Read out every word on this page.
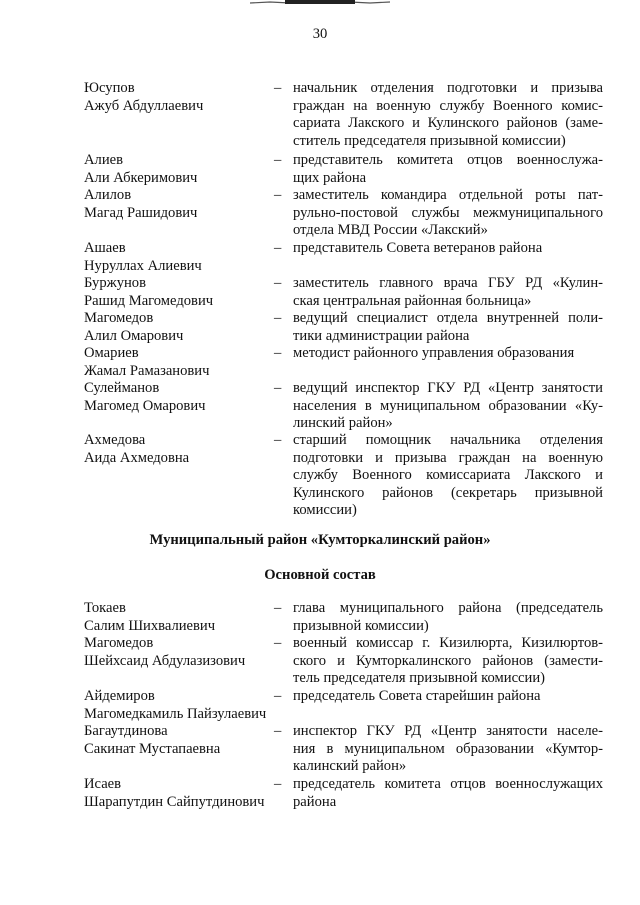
30
Юсупов
Ажуб Абдуллаевич
– начальник отделения подготовки и призыва
граждан на военную службу Военного комис-
сариата Лакского и Кулинского районов (заме-
ститель председателя призывной комиссии)
Алиев
Али Абкеримович
– представитель комитета отцов военнослужа-
щих района
Алилов
Магад Рашидович
– заместитель командира отдельной роты пат-
рульно-постовой службы межмуниципального
отдела МВД России «Лакский»
Ашаев
Нуруллах Алиевич
– представитель Совета ветеранов района
Буржунов
Рашид Магомедович
– заместитель главного врача ГБУ РД «Кулин-
ская центральная районная больница»
Магомедов
Алил Омарович
– ведущий специалист отдела внутренней поли-
тики администрации района
Омариев
Жамал Рамазанович
– методист районного управления образования
Сулейманов
Магомед Омарович
– ведущий инспектор ГКУ РД «Центр занятости
населения в муниципальном образовании «Ку-
линский район»
Ахмедова
Аида Ахмедовна
– старший помощник начальника отделения
подготовки и призыва граждан на военную
службу Военного комиссариата Лакского и
Кулинского районов (секретарь призывной
комиссии)
Муниципальный район «Кумторкалинский район»
Основной состав
Токаев
Салим Шихвалиевич
– глава муниципального района (председатель
призывной комиссии)
Магомедов
Шейхсаид Абдулазизович
– военный комиссар г. Кизилюрта, Кизилюртов-
ского и Кумторкалинского районов (замести-
тель председателя призывной комиссии)
Айдемиров
Магомедкамиль Пайзулаевич
– председатель Совета старейшин района
Багаутдинова
Сакинат Мустапаевна
– инспектор ГКУ РД «Центр занятости населе-
ния в муниципальном образовании «Кумтор-
калинский район»
Исаев
Шарапутдин Сайпутдинович
– председатель комитета отцов военнослужащих
района
